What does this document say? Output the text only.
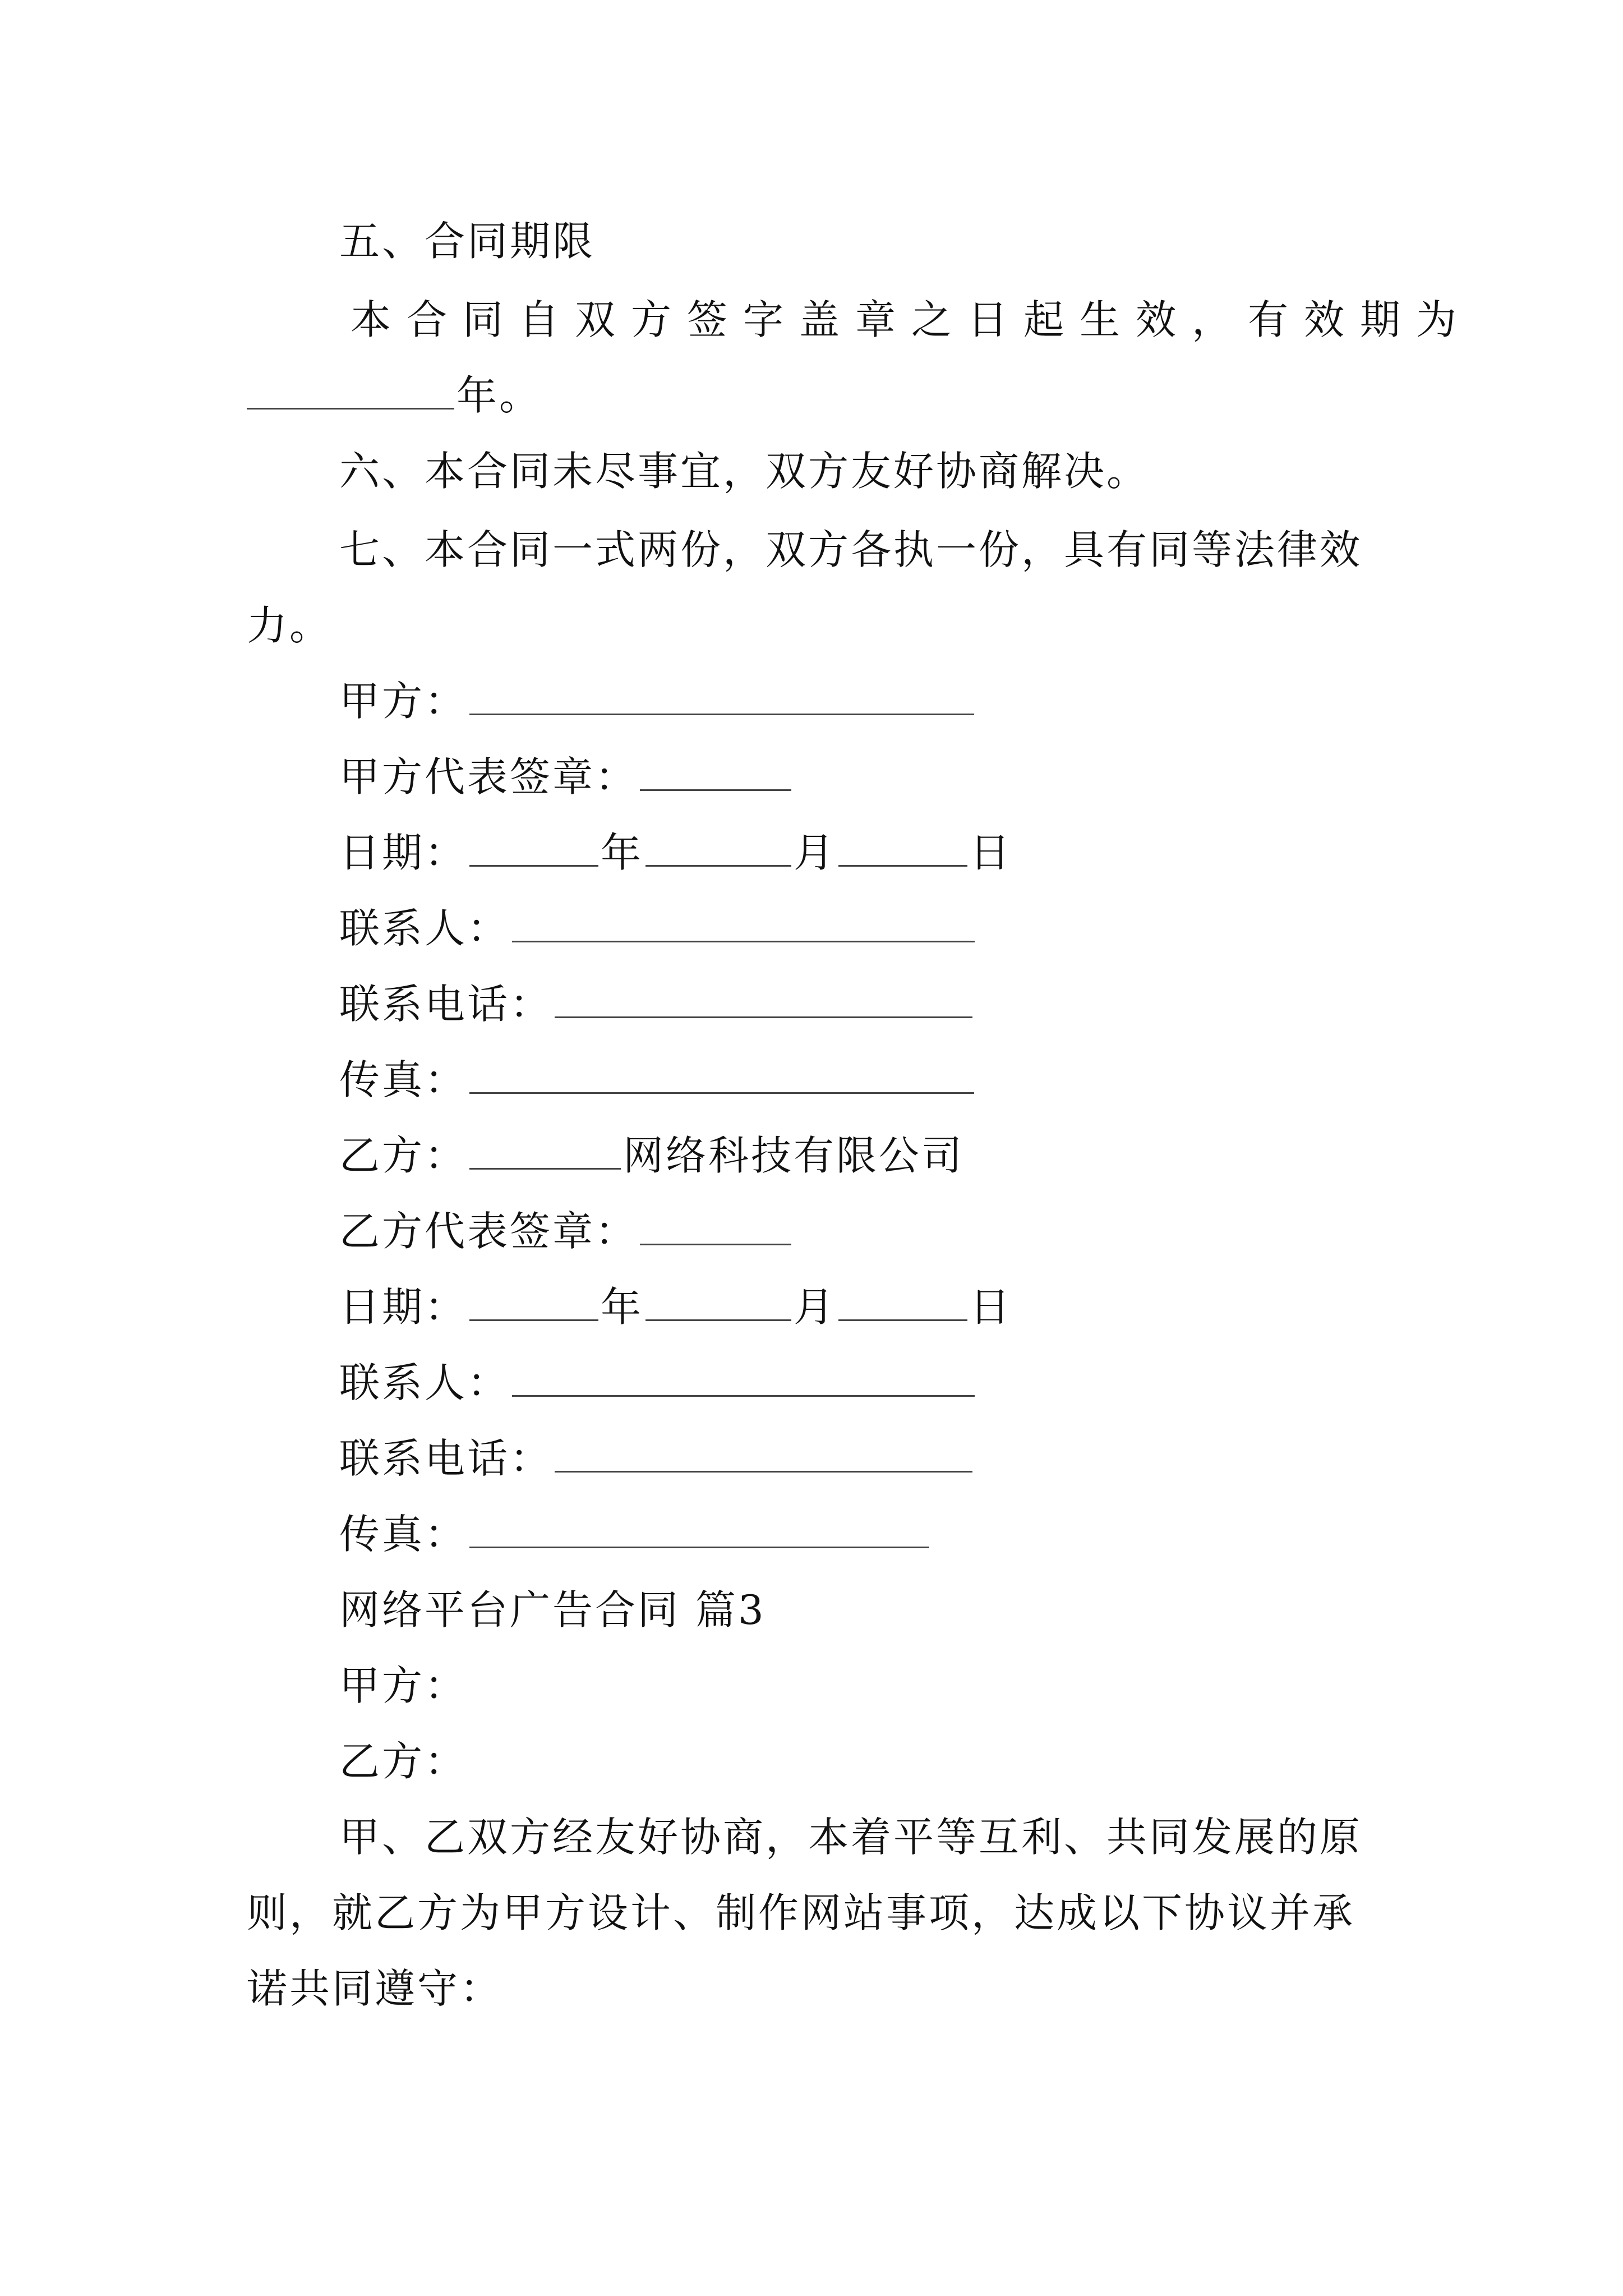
五、合同期限
本合同自双方签字盖章之日起生效，有效期为
年。
六、本合同未尽事宜，双方友好协商解决。
七、本合同一式两份，双方各执一份，具有同等法律效
力。
甲方：
甲方代表签章：
日期：	年	月	日
联系人：
联系电话：
传真：
乙方：	网络科技有限公司
乙方代表签章：
日期：	年	月	日
联系人：
联系电话：
传真：
网络平台广告合同 篇3
甲方：
乙方：
甲、乙双方经友好协商，本着平等互利、共同发展的原
则，就乙方为甲方设计、制作网站事项，达成以下协议并承
诺共同遵守：
